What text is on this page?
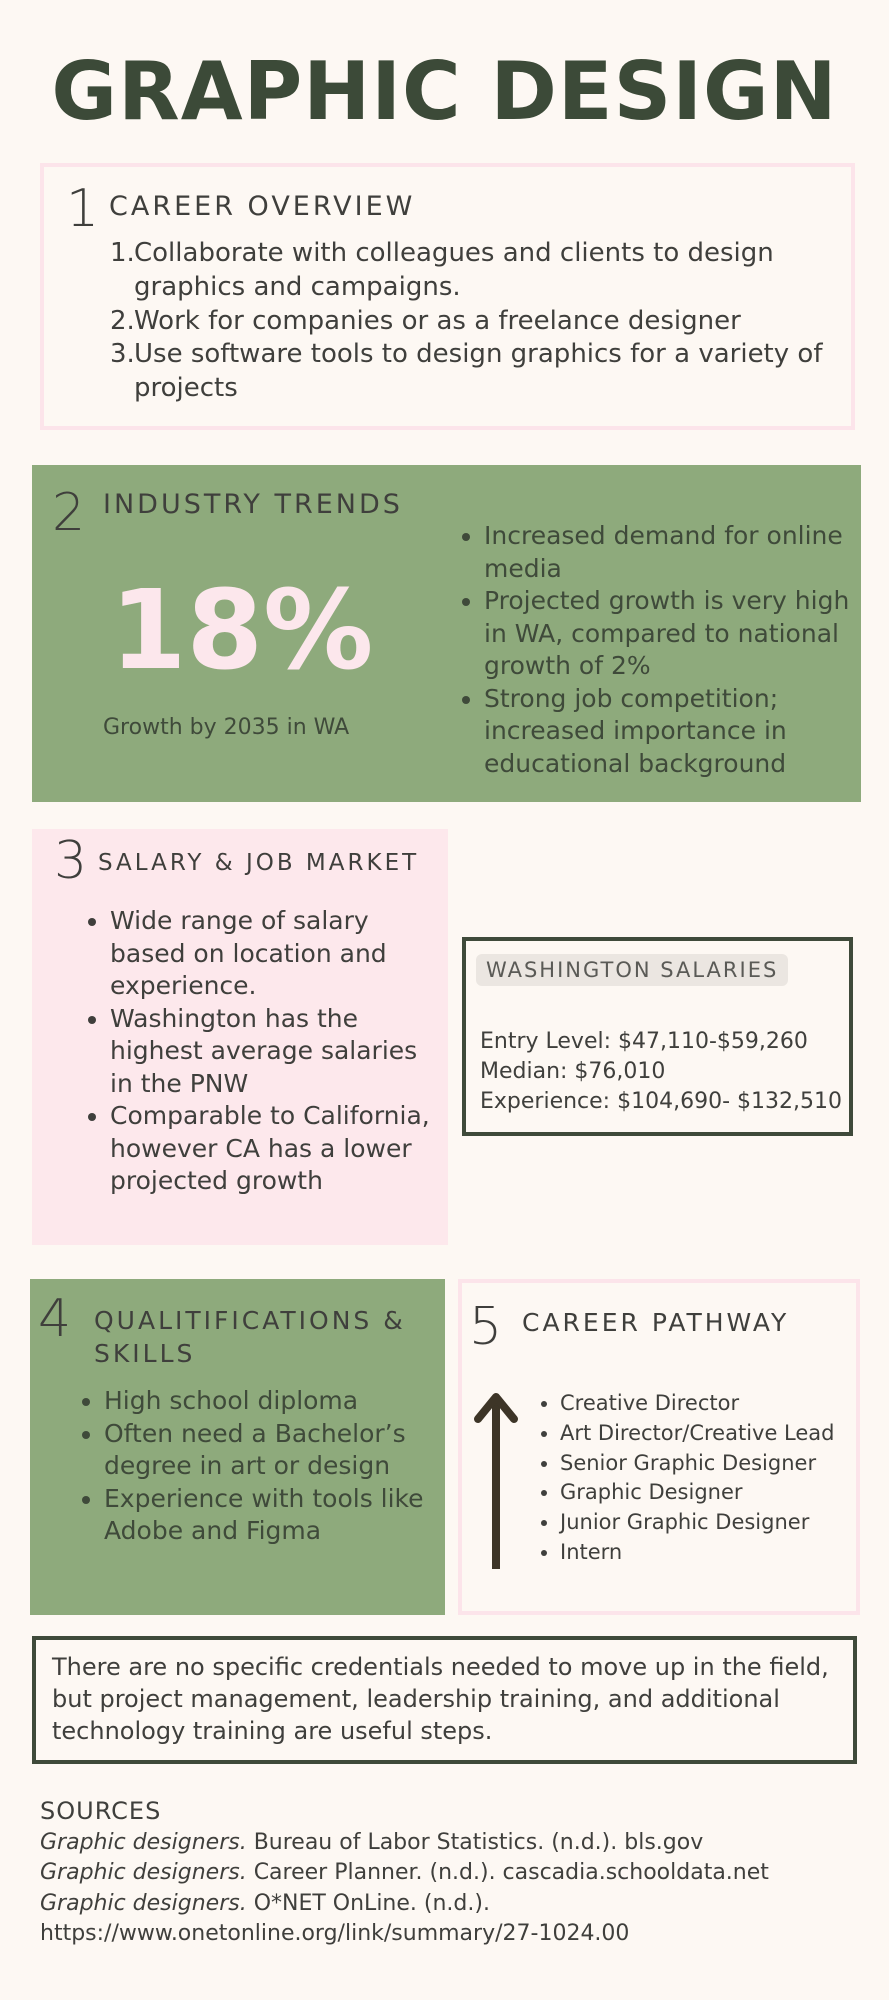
GRAPHIC DESIGN
1 CAREER OVERVIEW
1. Collaborate with colleagues and clients to design graphics and campaigns.
2. Work for companies or as a freelance designer
3. Use software tools to design graphics for a variety of projects
2 INDUSTRY TRENDS
18%
Growth by 2035 in WA
• Increased demand for online media
• Projected growth is very high in WA, compared to national growth of 2%
• Strong job competition; increased importance in educational background
3 SALARY & JOB MARKET
• Wide range of salary based on location and experience.
• Washington has the highest average salaries in the PNW
• Comparable to California, however CA has a lower projected growth
WASHINGTON SALARIES
Entry Level: $47,110-$59,260
Median: $76,010
Experience: $104,690- $132,510
4 QUALITIFICATIONS & SKILLS
• High school diploma
• Often need a Bachelor’s degree in art or design
• Experience with tools like Adobe and Figma
5 CAREER PATHWAY
• Creative Director
• Art Director/Creative Lead
• Senior Graphic Designer
• Graphic Designer
• Junior Graphic Designer
• Intern

There are no specific credentials needed to move up in the field, but project management, leadership training, and additional technology training are useful steps.

SOURCES
Graphic designers. Bureau of Labor Statistics. (n.d.). bls.gov
Graphic designers. Career Planner. (n.d.). cascadia.schooldata.net
Graphic designers. O*NET OnLine. (n.d.).
https://www.onetonline.org/link/summary/27-1024.00
